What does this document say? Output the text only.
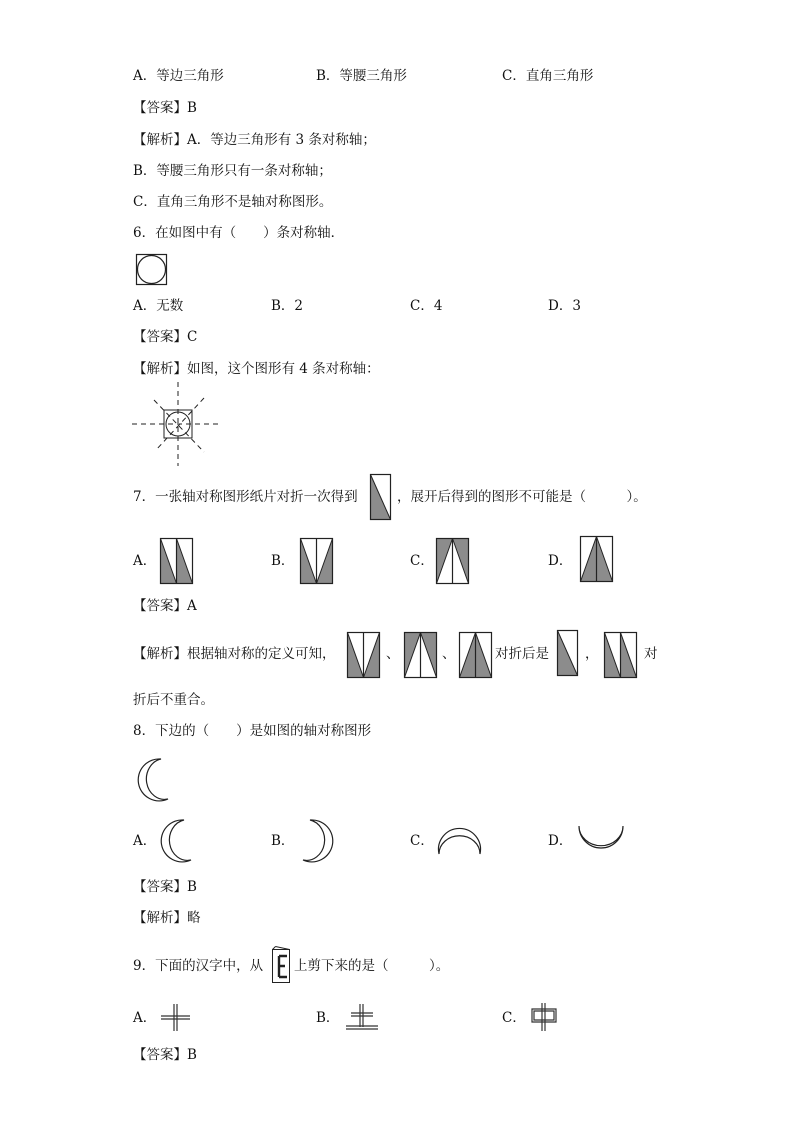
A．等边三角形	B．等腰三角形	C．直角三角形
【答案】B
【解析】A．等边三角形有 3 条对称轴；
B．等腰三角形只有一条对称轴；
C．直角三角形不是轴对称图形。
6．在如图中有（　　）条对称轴．
A．无数	B．2	C．4	D．3
【答案】C
【解析】如图，这个图形有 4 条对称轴：
7．一张轴对称图形纸片对折一次得到	，展开后得到的图形不可能是（　　　）。
A．	B．	C．	D．
【答案】A
【解析】根据轴对称的定义可知，	、	、	对折后是	，	对
折后不重合。
8．下边的（　　）是如图的轴对称图形
A．	B．	C．	D．
【答案】B
【解析】略
9．下面的汉字中，从 上剪下来的是（　　　）。
A．	B．	C．
【答案】B
